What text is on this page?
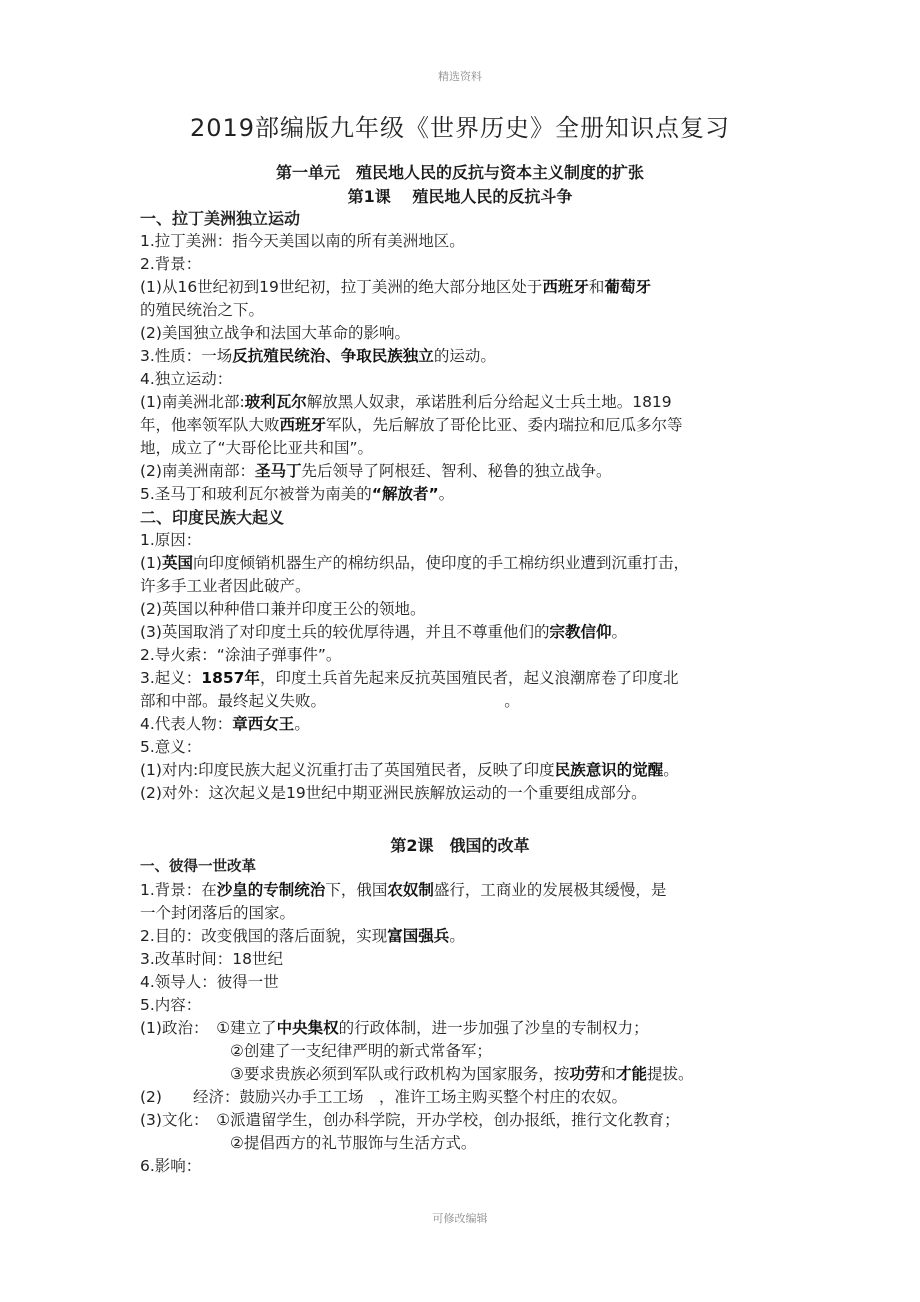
精选资料
2019部编版九年级《世界历史》全册知识点复习
第一单元　殖民地人民的反抗与资本主义制度的扩张
第1课　 殖民地人民的反抗斗争
一、拉丁美洲独立运动
1.拉丁美洲：指今天美国以南的所有美洲地区。
2.背景：
(1)从16世纪初到19世纪初，拉丁美洲的绝大部分地区处于西班牙和葡萄牙
的殖民统治之下。
(2)美国独立战争和法国大革命的影响。
3.性质：一场反抗殖民统治、争取民族独立的运动。
4.独立运动：
(1)南美洲北部:玻利瓦尔解放黑人奴隶，承诺胜利后分给起义士兵土地。1819
年，他率领军队大败西班牙军队，先后解放了哥伦比亚、委内瑞拉和厄瓜多尔等
地，成立了“大哥伦比亚共和国”。
(2)南美洲南部：圣马丁先后领导了阿根廷、智利、秘鲁的独立战争。
5.圣马丁和玻利瓦尔被誉为南美的“解放者”。
二、印度民族大起义
1.原因：
(1)英国向印度倾销机器生产的棉纺织品，使印度的手工棉纺织业遭到沉重打击，
许多手工业者因此破产。
(2)英国以种种借口兼并印度王公的领地。
(3)英国取消了对印度土兵的较优厚待遇，并且不尊重他们的宗教信仰。
2.导火索：“涂油子弹事件”。
3.起义：1857年，印度土兵首先起来反抗英国殖民者，起义浪潮席卷了印度北
部和中部。最终起义失败。　　　　　　　　　　　　。
4.代表人物：章西女王。
5.意义：
(1)对内:印度民族大起义沉重打击了英国殖民者，反映了印度民族意识的觉醒。
(2)对外：这次起义是19世纪中期亚洲民族解放运动的一个重要组成部分。
第2课　俄国的改革
一、彼得一世改革
1.背景：在沙皇的专制统治下，俄国农奴制盛行，工商业的发展极其缓慢，是
一个封闭落后的国家。
2.目的：改变俄国的落后面貌，实现富国强兵。
3.改革时间：18世纪
4.领导人：彼得一世
5.内容：
(1)政治：　①建立了中央集权的行政体制，进一步加强了沙皇的专制权力；
②创建了一支纪律严明的新式常备军；
③要求贵族必须到军队或行政机构为国家服务，按功劳和才能提拔。
(2)　　经济：鼓励兴办手工工场　，准许工场主购买整个村庄的农奴。
(3)文化：　①派遣留学生，创办科学院，开办学校，创办报纸，推行文化教育；
②提倡西方的礼节服饰与生活方式。
6.影响：
可修改编辑
